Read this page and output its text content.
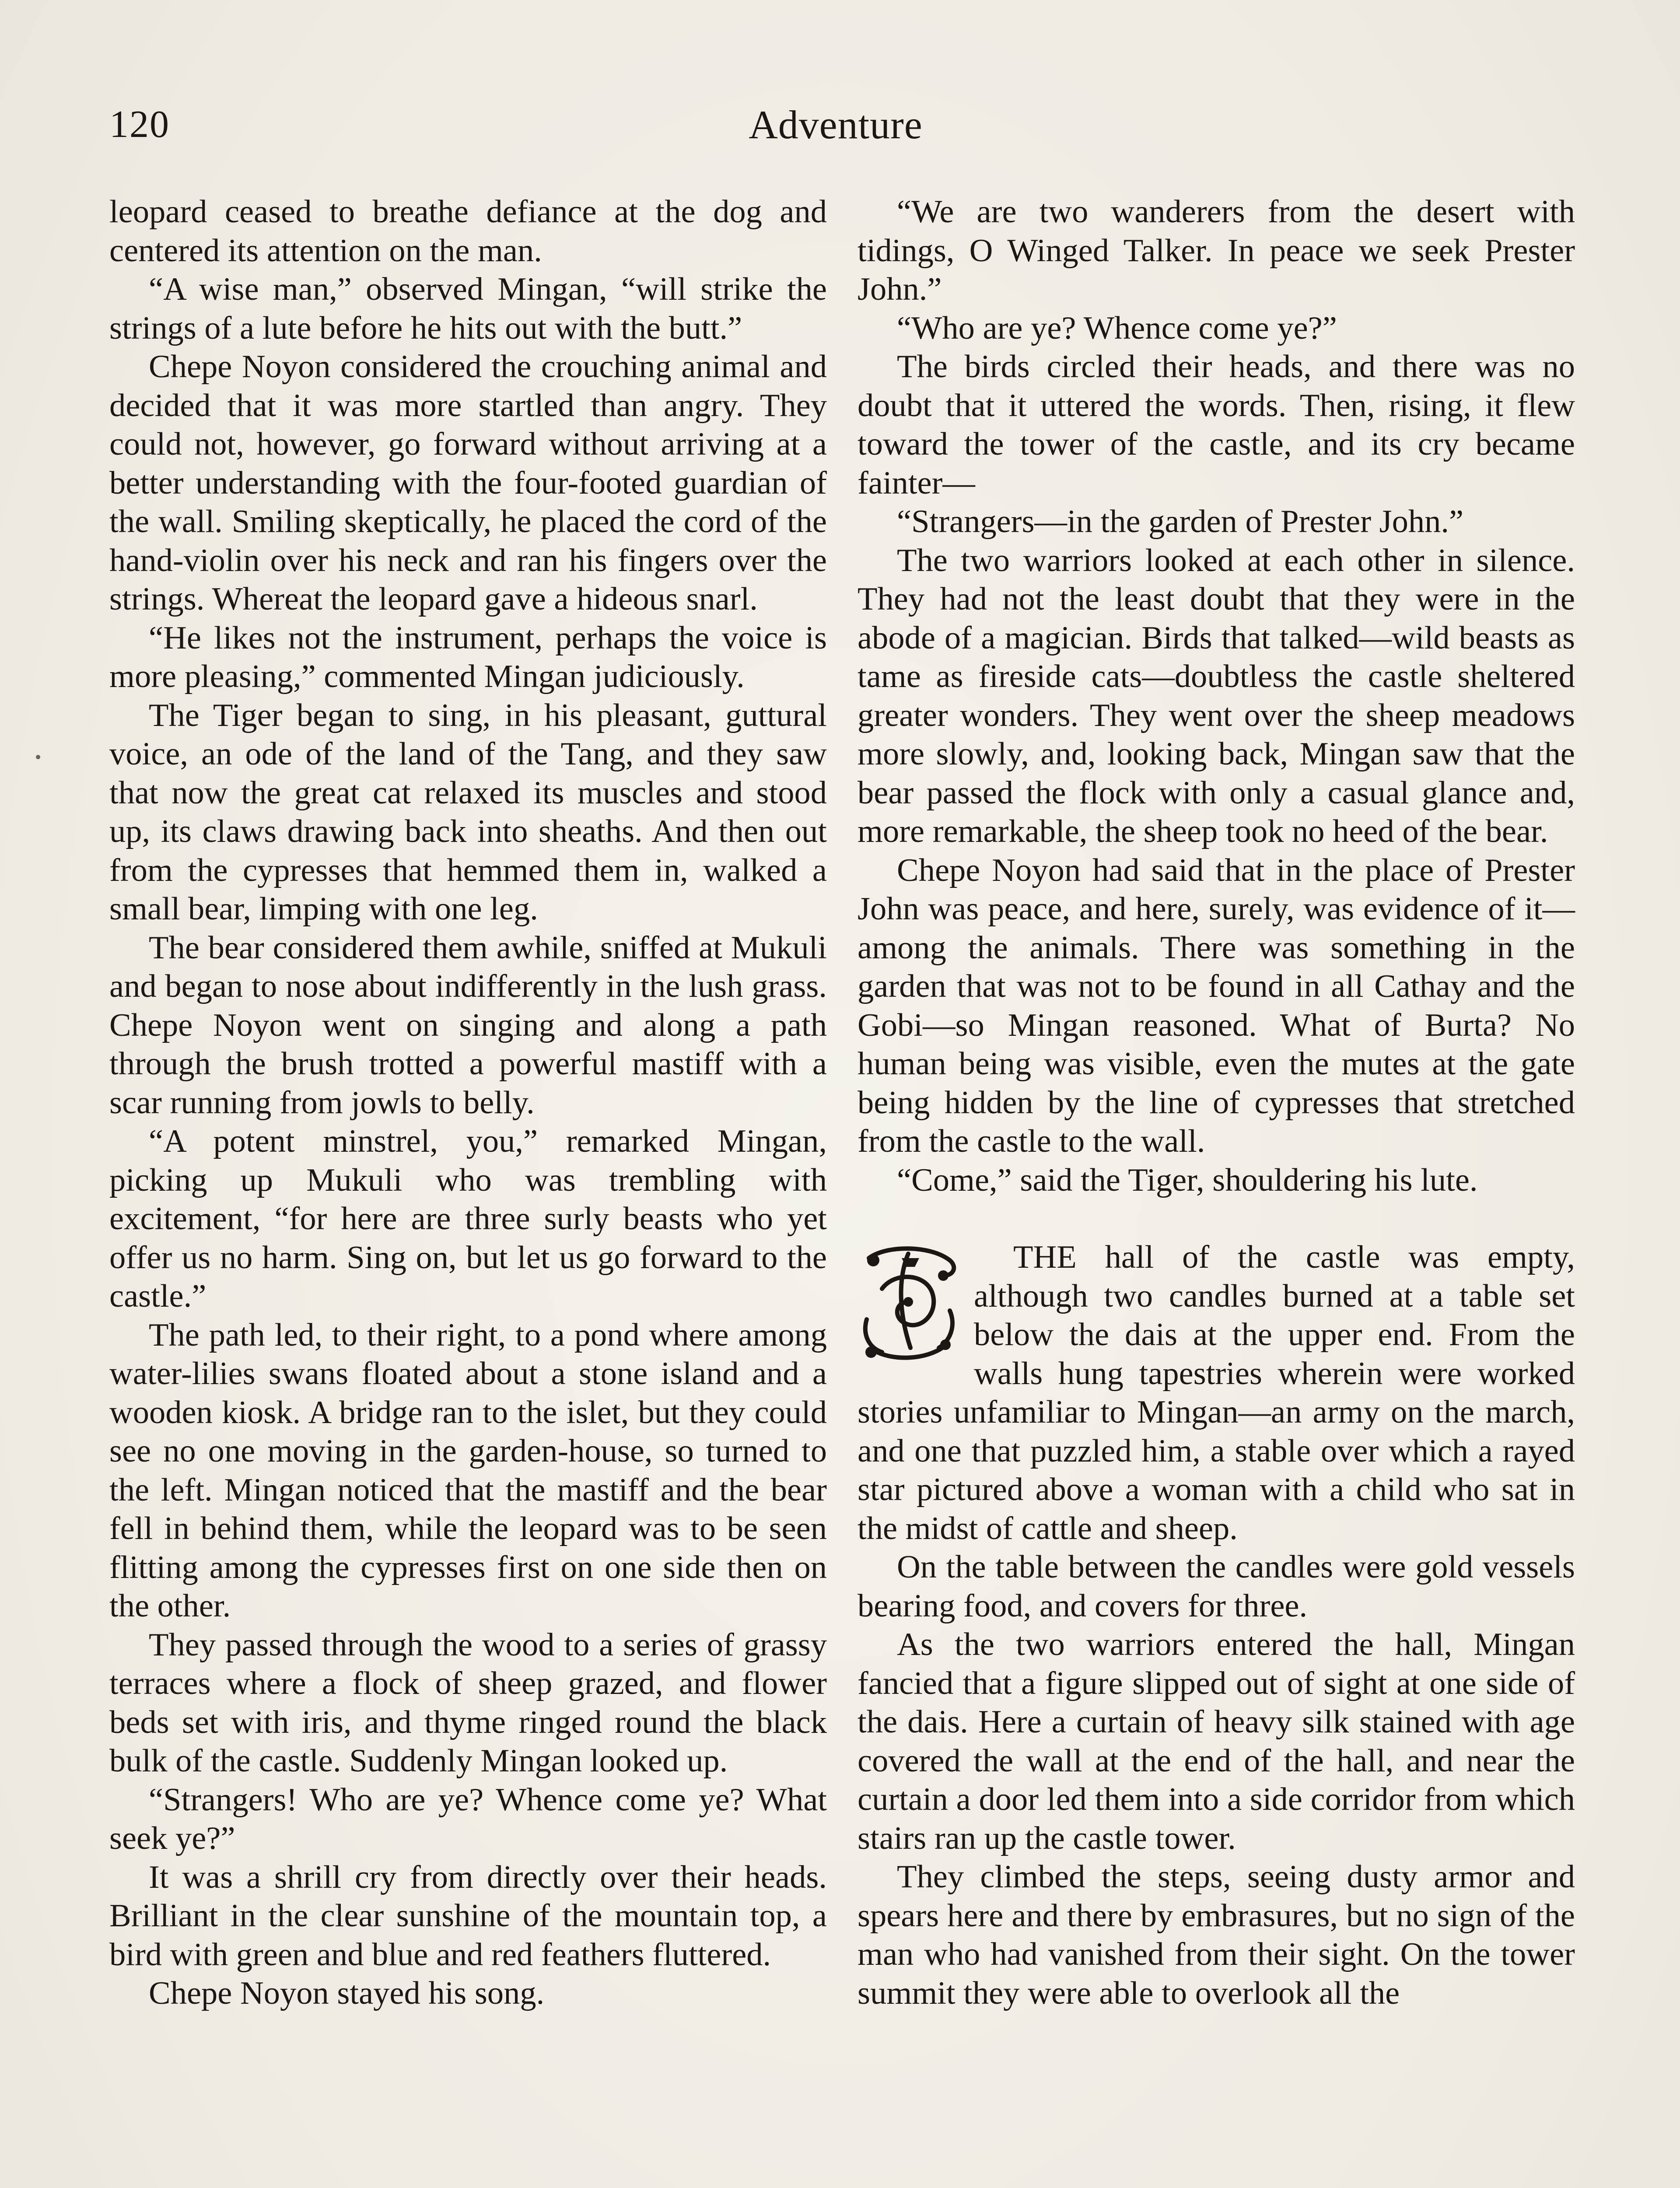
120	Adventure

leopard ceased to breathe defiance at the dog and centered its attention on the man.

“A wise man,” observed Mingan, “will strike the strings of a lute before he hits out with the butt.”

Chepe Noyon considered the crouching animal and decided that it was more startled than angry. They could not, however, go forward without arriving at a better understanding with the four-footed guardian of the wall. Smiling skeptically, he placed the cord of the hand-violin over his neck and ran his fingers over the strings. Whereat the leopard gave a hideous snarl.

“He likes not the instrument, perhaps the voice is more pleasing,” commented Mingan judiciously.

The Tiger began to sing, in his pleasant, guttural voice, an ode of the land of the Tang, and they saw that now the great cat relaxed its muscles and stood up, its claws drawing back into sheaths. And then out from the cypresses that hemmed them in, walked a small bear, limping with one leg.

The bear considered them awhile, sniffed at Mukuli and began to nose about indifferently in the lush grass. Chepe Noyon went on singing and along a path through the brush trotted a powerful mastiff with a scar running from jowls to belly.

“A potent minstrel, you,” remarked Mingan, picking up Mukuli who was trembling with excitement, “for here are three surly beasts who yet offer us no harm. Sing on, but let us go forward to the castle.”

The path led, to their right, to a pond where among water-lilies swans floated about a stone island and a wooden kiosk. A bridge ran to the islet, but they could see no one moving in the garden-house, so turned to the left. Mingan noticed that the mastiff and the bear fell in behind them, while the leopard was to be seen flitting among the cypresses first on one side then on the other.

They passed through the wood to a series of grassy terraces where a flock of sheep grazed, and flower beds set with iris, and thyme ringed round the black bulk of the castle. Suddenly Mingan looked up.

“Strangers! Who are ye? Whence come ye? What seek ye?”

It was a shrill cry from directly over their heads. Brilliant in the clear sunshine of the mountain top, a bird with green and blue and red feathers fluttered.

Chepe Noyon stayed his song.

“We are two wanderers from the desert with tidings, O Winged Talker. In peace we seek Prester John.”

“Who are ye? Whence come ye?”

The birds circled their heads, and there was no doubt that it uttered the words. Then, rising, it flew toward the tower of the castle, and its cry became fainter—

“Strangers—in the garden of Prester John.”

The two warriors looked at each other in silence. They had not the least doubt that they were in the abode of a magician. Birds that talked—wild beasts as tame as fireside cats—doubtless the castle sheltered greater wonders. They went over the sheep meadows more slowly, and, looking back, Mingan saw that the bear passed the flock with only a casual glance and, more remarkable, the sheep took no heed of the bear.

Chepe Noyon had said that in the place of Prester John was peace, and here, surely, was evidence of it—among the animals. There was something in the garden that was not to be found in all Cathay and the Gobi—so Mingan reasoned. What of Burta? No human being was visible, even the mutes at the gate being hidden by the line of cypresses that stretched from the castle to the wall.

“Come,” said the Tiger, shouldering his lute.

THE hall of the castle was empty, although two candles burned at a table set below the dais at the upper end. From the walls hung tapestries wherein were worked stories unfamiliar to Mingan—an army on the march, and one that puzzled him, a stable over which a rayed star pictured above a woman with a child who sat in the midst of cattle and sheep.

On the table between the candles were gold vessels bearing food, and covers for three.

As the two warriors entered the hall, Mingan fancied that a figure slipped out of sight at one side of the dais. Here a curtain of heavy silk stained with age covered the wall at the end of the hall, and near the curtain a door led them into a side corridor from which stairs ran up the castle tower.

They climbed the steps, seeing dusty armor and spears here and there by embrasures, but no sign of the man who had vanished from their sight. On the tower summit they were able to overlook all the
